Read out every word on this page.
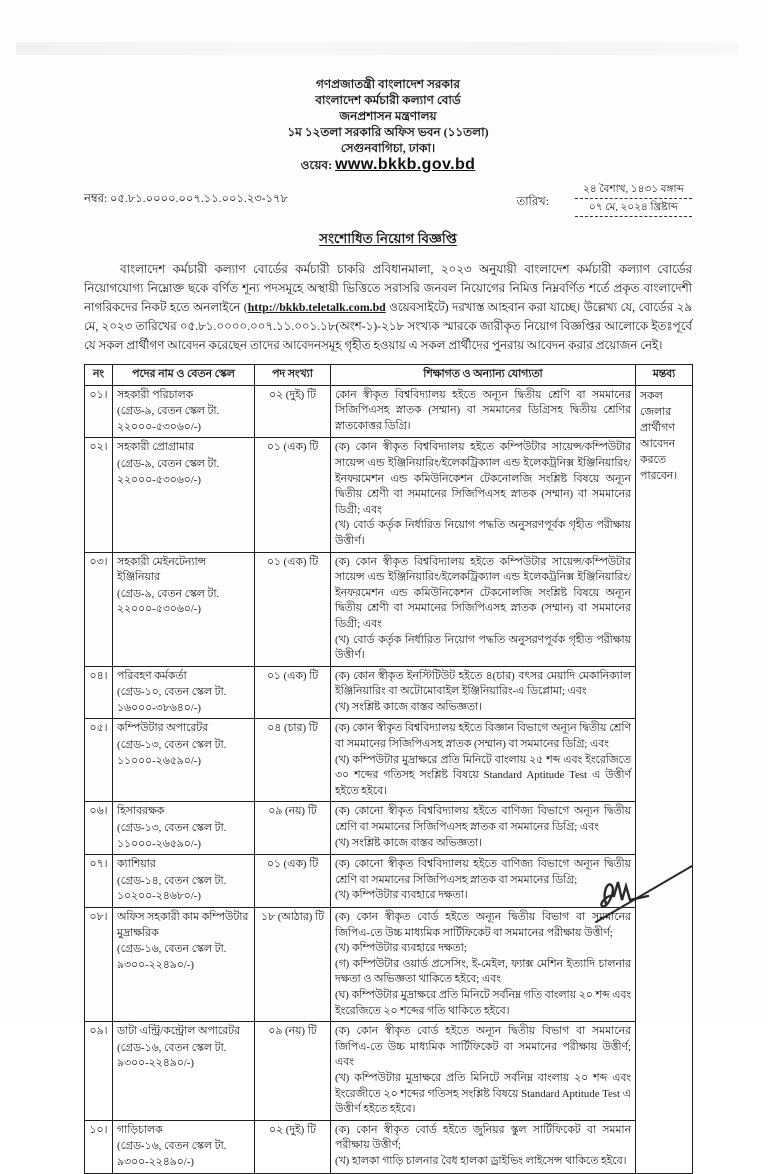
গণপ্রজাতন্ত্রী বাংলাদেশ সরকার
বাংলাদেশ কর্মচারী কল্যাণ বোর্ড
জনপ্রশাসন মন্ত্রণালয়
১ম ১২তলা সরকারি অফিস ভবন (১১তলা)
সেগুনবাগিচা, ঢাকা।
ওয়েব: www.bkkb.gov.bd
নম্বর: ০৫.৮১.০০০০.০০৭.১১.০০১.২৩-১৭৮	তারিখ:
২৪ বৈশাখ, ১৪৩১ বঙ্গাব্দ
০৭ মে, ২০২৪ খ্রিষ্টাব্দ
সংশোধিত নিয়োগ বিজ্ঞপ্তি
বাংলাদেশ কর্মচারী কল্যাণ বোর্ডের কর্মচারী চাকরি প্রবিধানমালা, ২০২৩ অনুযায়ী বাংলাদেশ কর্মচারী কল্যাণ বোর্ডের নিয়োগযোগ্য নিম্নোক্ত ছকে বর্ণিত শূন্য পদসমূহে অস্থায়ী ভিত্তিতে সরাসরি জনবল নিয়োগের নিমিত্ত নিম্নবর্ণিত শর্তে প্রকৃত বাংলাদেশী নাগরিকদের নিকট হতে অনলাইনে (http://bkkb.teletalk.com.bd ওয়েবসাইটে) দরখাস্ত আহবান করা যাচ্ছে। উল্লেখ্য যে, বোর্ডের ২৯ মে, ২০২৩ তারিখের ০৫.৮১.০০০০.০০৭.১১.০০১.১৮(অংশ-১)-২১৮ সংখ্যক স্মারকে জারীকৃত নিয়োগ বিজ্ঞপ্তির আলোকে ইতঃপূর্বে যে সকল প্রার্থীগণ আবেদন করেছেন তাদের আবেদনসমূহ গৃহীত হওয়ায় এ সকল প্রার্থীদের পুনরায় আবেদন করার প্রয়োজন নেই।
নং	পদের নাম ও বেতন স্কেল	পদ সংখ্যা	শিক্ষাগত ও অন্যান্য যোগ্যতা	মন্তব্য
০১।	সহকারী পরিচালক
(গ্রেড-৯, বেতন স্কেল টা. ২২০০০-৫৩০৬০/-)	০২ (দুই) টি	কোন স্বীকৃত বিশ্ববিদ্যালয় হইতে অন্যূন দ্বিতীয় শ্রেণি বা সমমানের সিজিপিএসহ স্নাতক (সম্মান) বা সমমানের ডিগ্রিসহ দ্বিতীয় শ্রেণির স্নাতকোত্তর ডিগ্রি।	সকল জেলার প্রার্থীগণ আবেদন করতে পারবেন।
০২।	সহকারী প্রোগ্রামার
(গ্রেড-৯, বেতন স্কেল টা. ২২০০০-৫৩০৬০/-)
	০১ (এক) টি	(ক) কোন স্বীকৃত বিশ্ববিদ্যালয় হইতে কম্পিউটার সায়েন্স/কম্পিউটার সায়েন্স এন্ড ইঞ্জিনিয়ারিং/ইলেকট্রিক্যাল এন্ড ইলেকট্রনিক্স ইঞ্জিনিয়ারিং/ইনফরমেশন এন্ড কমিউনিকেশন টেকনোলজি সংশ্লিষ্ট বিষয়ে অন্যূন দ্বিতীয় শ্রেণী বা সমমানের সিজিপিএসহ স্নাতক (সম্মান) বা সমমানের ডিগ্রী; এবং
(খ) বোর্ড কর্তৃক নির্ধারিত নিয়োগ পদ্ধতি অনুসরণপূর্বক গৃহীত পরীক্ষায় উত্তীর্ণ।

০৩।	সহকারী মেইনটেন্যান্স ইঞ্জিনিয়ার
(গ্রেড-৯, বেতন স্কেল টা. ২২০০০-৫৩০৬০/-)
	০১ (এক) টি	(ক) কোন স্বীকৃত বিশ্ববিদ্যালয় হইতে কম্পিউটার সায়েন্স/কম্পিউটার সায়েন্স এন্ড ইঞ্জিনিয়ারিং/ইলেকট্রিক্যাল এন্ড ইলেকট্রনিক্স ইঞ্জিনিয়ারিং/ইনফরমেশন এন্ড কমিউনিকেশন টেকনোলজি সংশ্লিষ্ট বিষয়ে অন্যূন দ্বিতীয় শ্রেণী বা সমমানের সিজিপিএসহ স্নাতক (সম্মান) বা সমমানের ডিগ্রী; এবং
(খ) বোর্ড কর্তৃক নির্ধারিত নিয়োগ পদ্ধতি অনুসরণপূর্বক গৃহীত পরীক্ষায় উত্তীর্ণ।

০৪।	পরিবহণ কর্মকর্তা
(গ্রেড-১০, বেতন স্কেল টা. ১৬০০০-৩৮৬৪০/-)
	০১ (এক) টি	(ক) কোন স্বীকৃত ইনস্টিটিউট হইতে ৪(চার) বৎসর মেয়াদি মেকানিক্যাল ইঞ্জিনিয়ারিং বা অটোমোবাইল ইঞ্জিনিয়ারিং-এ ডিপ্লোমা; এবং
(খ) সংশ্লিষ্ট কাজে বাস্তব অভিজ্ঞতা।

০৫।	কম্পিউটার অপারেটর
(গ্রেড-১৩, বেতন স্কেল টা. ১১০০০-২৬৫৯০/-)
	০৪ (চার) টি	(ক) কোন স্বীকৃত বিশ্ববিদ্যালয় হইতে বিজ্ঞান বিভাগে অন্যূন দ্বিতীয় শ্রেণি বা সমমানের সিজিপিএসহ স্নাতক (সম্মান) বা সমমানের ডিগ্রি; এবং
(খ) কম্পিউটার মুদ্রাক্ষরে প্রতি মিনিটে বাংলায় ২৫ শব্দ এবং ইংরেজিতে ৩০ শব্দের গতিসহ সংশ্লিষ্ট বিষয়ে Standard Aptitude Test এ উত্তীর্ণ হইতে হইবে।

০৬।	হিসাবরক্ষক
(গ্রেড-১৩, বেতন স্কেল টা. ১১০০০-২৬৫৯০/-)
	০৯ (নয়) টি	(ক) কোনো স্বীকৃত বিশ্ববিদ্যালয় হইতে বাণিজ্য বিভাগে অন্যূন দ্বিতীয় শ্রেণি বা সমমানের সিজিপিএসহ স্নাতক বা সমমানের ডিগ্রি; এবং
(খ) সংশ্লিষ্ট কাজে বাস্তব অভিজ্ঞতা।

০৭।	ক্যাশিয়ার
(গ্রেড-১৪, বেতন স্কেল টা. ১০২০০-২৪৬৮০/-)
	০১ (এক) টি	(ক) কোনো স্বীকৃত বিশ্ববিদ্যালয় হইতে বাণিজ্য বিভাগে অন্যূন দ্বিতীয় শ্রেণি বা সমমানের সিজিপিএসহ স্নাতক বা সমমানের ডিগ্রি;
(খ) কম্পিউটার ব্যবহারে দক্ষতা।

০৮।	অফিস সহকারী কাম কম্পিউটার মুদ্রাক্ষরিক
(গ্রেড-১৬, বেতন স্কেল টা. ৯৩০০-২২৪৯০/-)
	১৮ (আঠার) টি	(ক) কোন স্বীকৃত বোর্ড হইতে অন্যূন দ্বিতীয় বিভাগ বা সমমানের জিপিএ-তে উচ্চ মাধ্যমিক সার্টিফিকেট বা সমমানের পরীক্ষায় উত্তীর্ণ;
(খ) কম্পিউটার ব্যবহারে দক্ষতা;
(গ) কম্পিউটার ওয়ার্ড প্রসেসিং, ই-মেইল, ফ্যাক্স মেশিন ইত্যাদি চালনার দক্ষতা ও অভিজ্ঞতা থাকিতে হইবে; এবং
(ঘ) কম্পিউটার মুদ্রাক্ষরে প্রতি মিনিটে সর্বনিম্ন গতি বাংলায় ২০ শব্দ এবং ইংরেজিতে ২০ শব্দের গতি থাকিতে হইবে।

০৯।	ডাটা এন্ট্রি/কন্ট্রোল অপারেটর
(গ্রেড-১৬, বেতন স্কেল টা. ৯৩০০-২২৪৯০/-)
	০৯ (নয়) টি	(ক) কোন স্বীকৃত বোর্ড হইতে অন্যূন দ্বিতীয় বিভাগ বা সমমানের জিপিএ-তে উচ্চ মাধ্যমিক সার্টিফিকেট বা সমমানের পরীক্ষায় উত্তীর্ণ; এবং
(খ) কম্পিউটার মুদ্রাক্ষরে প্রতি মিনিটে সর্বনিম্ন বাংলায় ২০ শব্দ এবং ইংরেজীতে ২০ শব্দের গতিসহ সংশ্লিষ্ট বিষয়ে Standard Aptitude Test এ উত্তীর্ণ হইতে হইবে।

১০।	গাড়িচালক
(গ্রেড-১৬, বেতন স্কেল টা. ৯৩০০-২২৪৯০/-)
	০২ (দুই) টি	(ক) কোন স্বীকৃত বোর্ড হইতে জুনিয়র স্কুল সার্টিফিকেট বা সমমান পরীক্ষায় উত্তীর্ণ;
(খ) হালকা গাড়ি চালনার বৈধ হালকা ড্রাইভিং লাইসেন্স থাকিতে হইবে।
